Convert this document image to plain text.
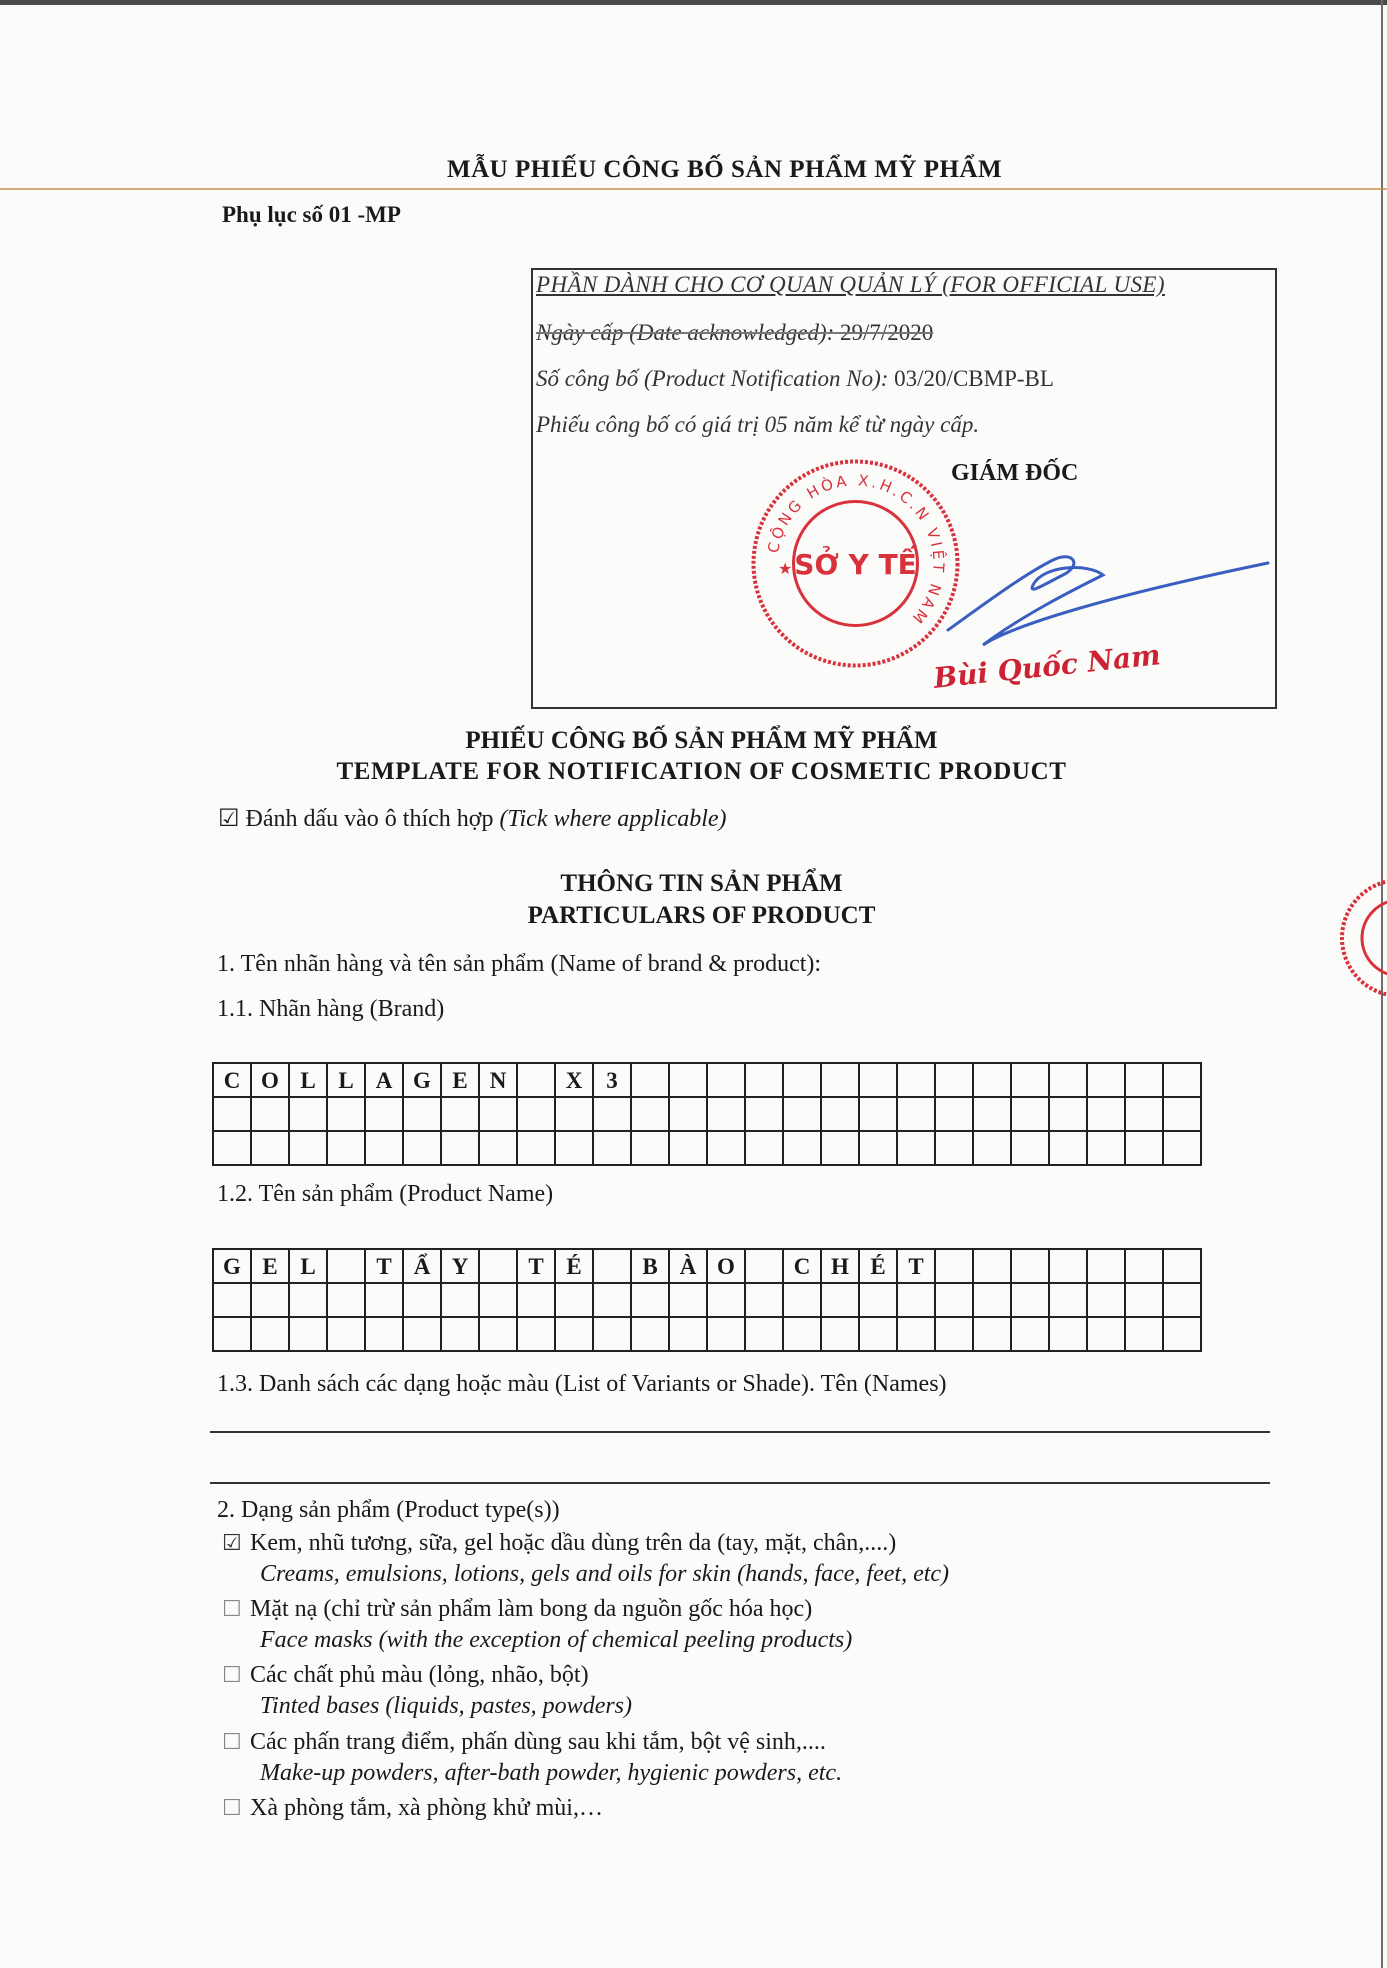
MẪU PHIẾU CÔNG BỐ SẢN PHẨM MỸ PHẨM
Phụ lục số 01 -MP
PHẦN DÀNH CHO CƠ QUAN QUẢN LÝ (FOR OFFICIAL USE)
Ngày cấp (Date acknowledged): 29/7/2020
Số công bố (Product Notification No): 03/20/CBMP-BL
Phiếu công bố có giá trị 05 năm kể từ ngày cấp.
GIÁM ĐỐC
CỘNG HÒA X.H.C.N VIỆT NAM
SỞ Y TẾ
★
Bùi Quốc Nam
PHIẾU CÔNG BỐ SẢN PHẨM MỸ PHẨM
TEMPLATE FOR NOTIFICATION OF COSMETIC PRODUCT
☑ Đánh dấu vào ô thích hợp (Tick where applicable)
THÔNG TIN SẢN PHẨM
PARTICULARS OF PRODUCT
1. Tên nhãn hàng và tên sản phẩm (Name of brand & product):
1.1. Nhãn hàng (Brand)
C	O	L	L	A	G	E	N		X	3															

1.2. Tên sản phẩm (Product Name)
G	E	L		T	Ẩ	Y		T	É		B	À	O		C	H	É	T							

1.3. Danh sách các dạng hoặc màu (List of Variants or Shade). Tên (Names)
2. Dạng sản phẩm (Product type(s))
☑ Kem, nhũ tương, sữa, gel hoặc dầu dùng trên da (tay, mặt, chân,....)
Creams, emulsions, lotions, gels and oils for skin (hands, face, feet, etc)
☐ Mặt nạ (chỉ trừ sản phẩm làm bong da nguồn gốc hóa học)
Face masks (with the exception of chemical peeling products)
☐ Các chất phủ màu (lỏng, nhão, bột)
Tinted bases (liquids, pastes, powders)
☐ Các phấn trang điểm, phấn dùng sau khi tắm, bột vệ sinh,....
Make-up powders, after-bath powder, hygienic powders, etc.
☐ Xà phòng tắm, xà phòng khử mùi,…
